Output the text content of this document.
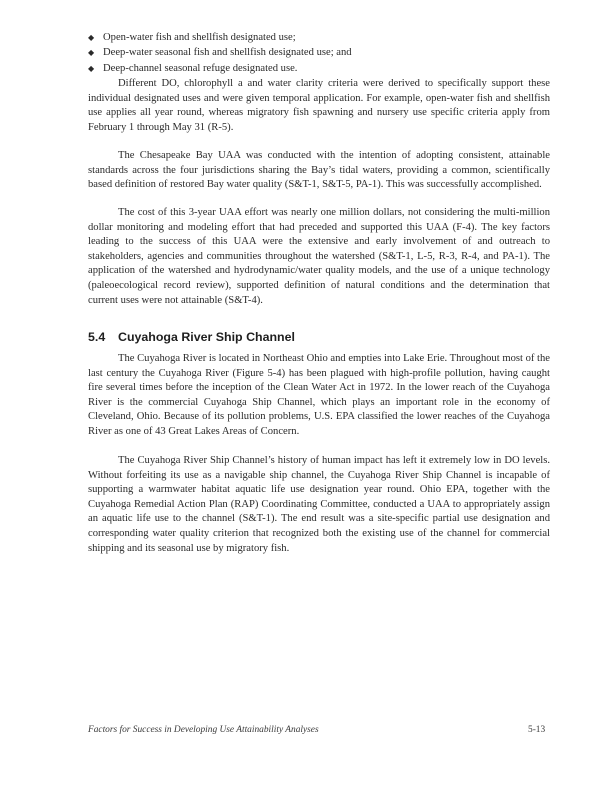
◆ Open-water fish and shellfish designated use;
◆ Deep-water seasonal fish and shellfish designated use; and
◆ Deep-channel seasonal refuge designated use.

Different DO, chlorophyll a and water clarity criteria were derived to specifically support these individual designated uses and were given temporal application. For example, open-water fish and shellfish use applies all year round, whereas migratory fish spawning and nursery use specific criteria apply from February 1 through May 31 (R-5).

The Chesapeake Bay UAA was conducted with the intention of adopting consistent, attainable standards across the four jurisdictions sharing the Bay’s tidal waters, providing a common, scientifically based definition of restored Bay water quality (S&T-1, S&T-5, PA-1). This was successfully accomplished.

The cost of this 3-year UAA effort was nearly one million dollars, not considering the multi-million dollar monitoring and modeling effort that had preceded and supported this UAA (F-4). The key factors leading to the success of this UAA were the extensive and early involvement of and outreach to stakeholders, agencies and communities throughout the watershed (S&T-1, L-5, R-3, R-4, and PA-1). The application of the watershed and hydrodynamic/water quality models, and the use of a unique technology (paleoecological record review), supported definition of natural conditions and the determination that current uses were not attainable (S&T-4).

5.4 Cuyahoga River Ship Channel

The Cuyahoga River is located in Northeast Ohio and empties into Lake Erie. Throughout most of the last century the Cuyahoga River (Figure 5-4) has been plagued with high-profile pollution, having caught fire several times before the inception of the Clean Water Act in 1972. In the lower reach of the Cuyahoga River is the commercial Cuyahoga Ship Channel, which plays an important role in the economy of Cleveland, Ohio. Because of its pollution problems, U.S. EPA classified the lower reaches of the Cuyahoga River as one of 43 Great Lakes Areas of Concern.

The Cuyahoga River Ship Channel’s history of human impact has left it extremely low in DO levels. Without forfeiting its use as a navigable ship channel, the Cuyahoga River Ship Channel is incapable of supporting a warmwater habitat aquatic life use designation year round. Ohio EPA, together with the Cuyahoga Remedial Action Plan (RAP) Coordinating Committee, conducted a UAA to appropriately assign an aquatic life use to the channel (S&T-1). The end result was a site-specific partial use designation and corresponding water quality criterion that recognized both the existing use of the channel for commercial shipping and its seasonal use by migratory fish.

Factors for Success in Developing Use Attainability Analyses	5-13
